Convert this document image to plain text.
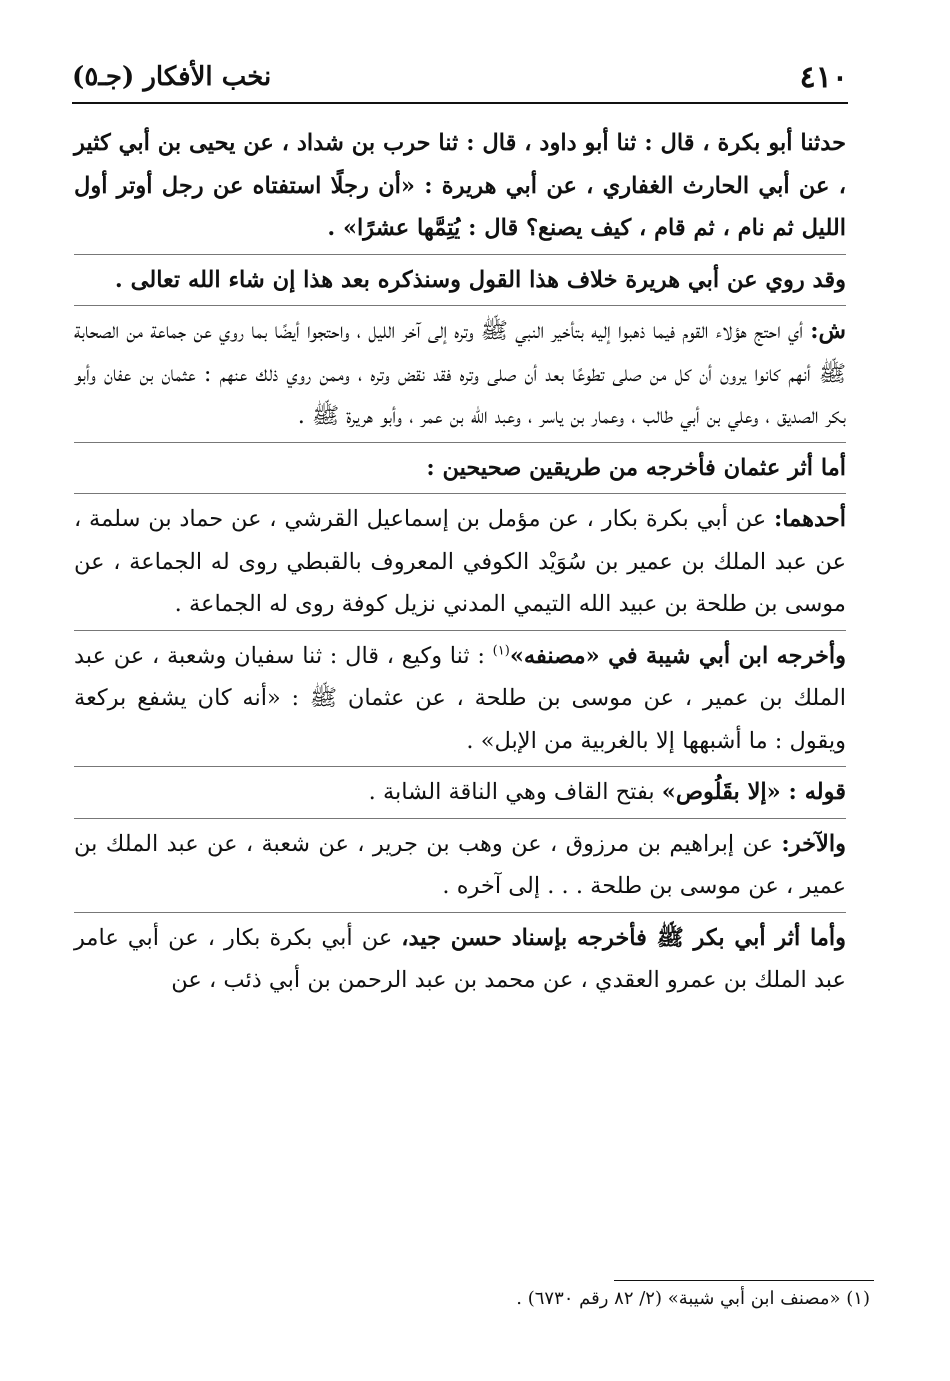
٤١٠
نخب الأفكار (جـ٥)

حدثنا أبو بكرة ، قال : ثنا أبو داود ، قال : ثنا حرب بن شداد ، عن يحيى بن أبي كثير ، عن أبي الحارث الغفاري ، عن أبي هريرة : «أن رجلًا استفتاه عن رجل أوتر أول الليل ثم نام ، ثم قام ، كيف يصنع؟ قال : يُتِمَّها عشرًا» .

وقد روي عن أبي هريرة خلاف هذا القول وسنذكره بعد هذا إن شاء الله تعالى .

ش: أي احتج هؤلاء القوم فيما ذهبوا إليه بتأخير النبي ﷺ وتره إلى آخر الليل ، واحتجوا أيضًا بما روي عن جماعة من الصحابة ﷺ أنهم كانوا يرون أن كل من صلى تطوعًا بعد أن صلى وتره فقد نقض وتره ، وممن روي ذلك عنهم : عثمان بن عفان وأبو بكر الصديق ، وعلي بن أبي طالب ، وعمار بن ياسر ، وعبد الله بن عمر ، وأبو هريرة ﷺ .

أما أثر عثمان فأخرجه من طريقين صحيحين :

أحدهما: عن أبي بكرة بكار ، عن مؤمل بن إسماعيل القرشي ، عن حماد بن سلمة ، عن عبد الملك بن عمير بن سُوَيْد الكوفي المعروف بالقبطي روى له الجماعة ، عن موسى بن طلحة بن عبيد الله التيمي المدني نزيل كوفة روى له الجماعة .

وأخرجه ابن أبي شيبة في «مصنفه»$^{(١)}$ : ثنا وكيع ، قال : ثنا سفيان وشعبة ، عن عبد الملك بن عمير ، عن موسى بن طلحة ، عن عثمان ﷺ : «أنه كان يشفع بركعة ويقول : ما أشبهها إلا بالغربية من الإبل» .

قوله : «إلا بقَلُوص» بفتح القاف وهي الناقة الشابة .

والآخر: عن إبراهيم بن مرزوق ، عن وهب بن جرير ، عن شعبة ، عن عبد الملك بن عمير ، عن موسى بن طلحة . . . إلى آخره .

وأما أثر أبي بكر ﷺ فأخرجه بإسناد حسن جيد، عن أبي بكرة بكار ، عن أبي عامر عبد الملك بن عمرو العقدي ، عن محمد بن عبد الرحمن بن أبي ذئب ، عن

(١) «مصنف ابن أبي شيبة» (٢/ ٨٢ رقم ٦٧٣٠) .
